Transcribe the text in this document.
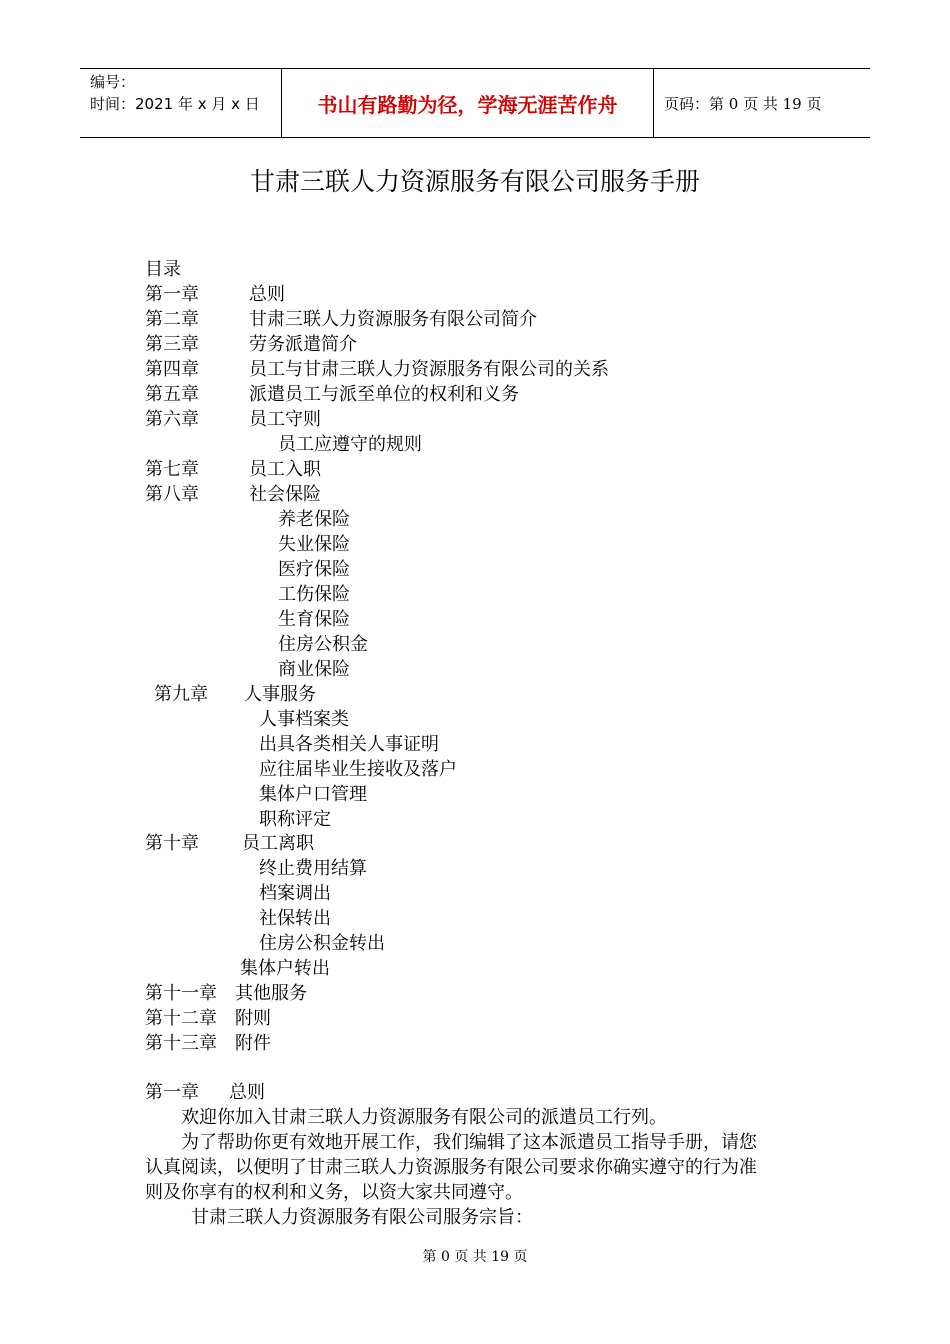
编号：
时间：2021 年 x 月 x 日	书山有路勤为径，学海无涯苦作舟	页码：第 0 页 共 19 页
甘肃三联人力资源服务有限公司服务手册
目录
第一章	总则
第二章	甘肃三联人力资源服务有限公司简介
第三章	劳务派遣简介
第四章	员工与甘肃三联人力资源服务有限公司的关系
第五章	派遣员工与派至单位的权利和义务
第六章	员工守则
员工应遵守的规则
第七章	员工入职
第八章	社会保险
养老保险
失业保险
医疗保险
工伤保险
生育保险
住房公积金
商业保险
第九章 人事服务
人事档案类
出具各类相关人事证明
应往届毕业生接收及落户
集体户口管理
职称评定
第十章 员工离职
终止费用结算
档案调出
社保转出
住房公积金转出
集体户转出
第十一章 其他服务
第十二章 附则
第十三章 附件
第一章 总则
欢迎你加入甘肃三联人力资源服务有限公司的派遣员工行列。
为了帮助你更有效地开展工作，我们编辑了这本派遣员工指导手册，请您
认真阅读，以便明了甘肃三联人力资源服务有限公司要求你确实遵守的行为准
则及你享有的权利和义务，以资大家共同遵守。
甘肃三联人力资源服务有限公司服务宗旨：
第 0 页 共 19 页
